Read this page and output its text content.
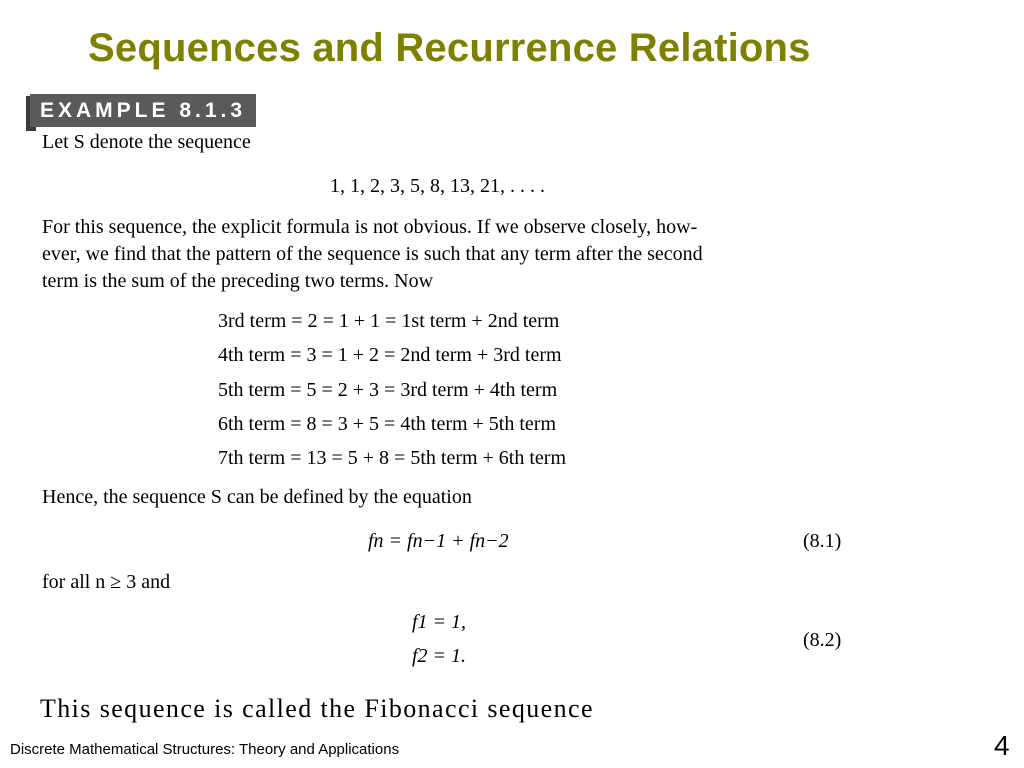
Sequences and Recurrence Relations
EXAMPLE 8.1.3
Let S denote the sequence
1, 1, 2, 3, 5, 8, 13, 21, . . . .
For this sequence, the explicit formula is not obvious. If we observe closely, how-
ever, we find that the pattern of the sequence is such that any term after the second
term is the sum of the preceding two terms. Now
3rd term = 2 = 1 + 1 = 1st term + 2nd term
4th term = 3 = 1 + 2 = 2nd term + 3rd term
5th term = 5 = 2 + 3 = 3rd term + 4th term
6th term = 8 = 3 + 5 = 4th term + 5th term
7th term = 13 = 5 + 8 = 5th term + 6th term
Hence, the sequence S can be defined by the equation
fn = fn−1 + fn−2	(8.1)
for all n ≥ 3 and
f1 = 1,
f2 = 1.
(8.2)
This sequence is called the Fibonacci sequence
Discrete Mathematical Structures: Theory and Applications	4
